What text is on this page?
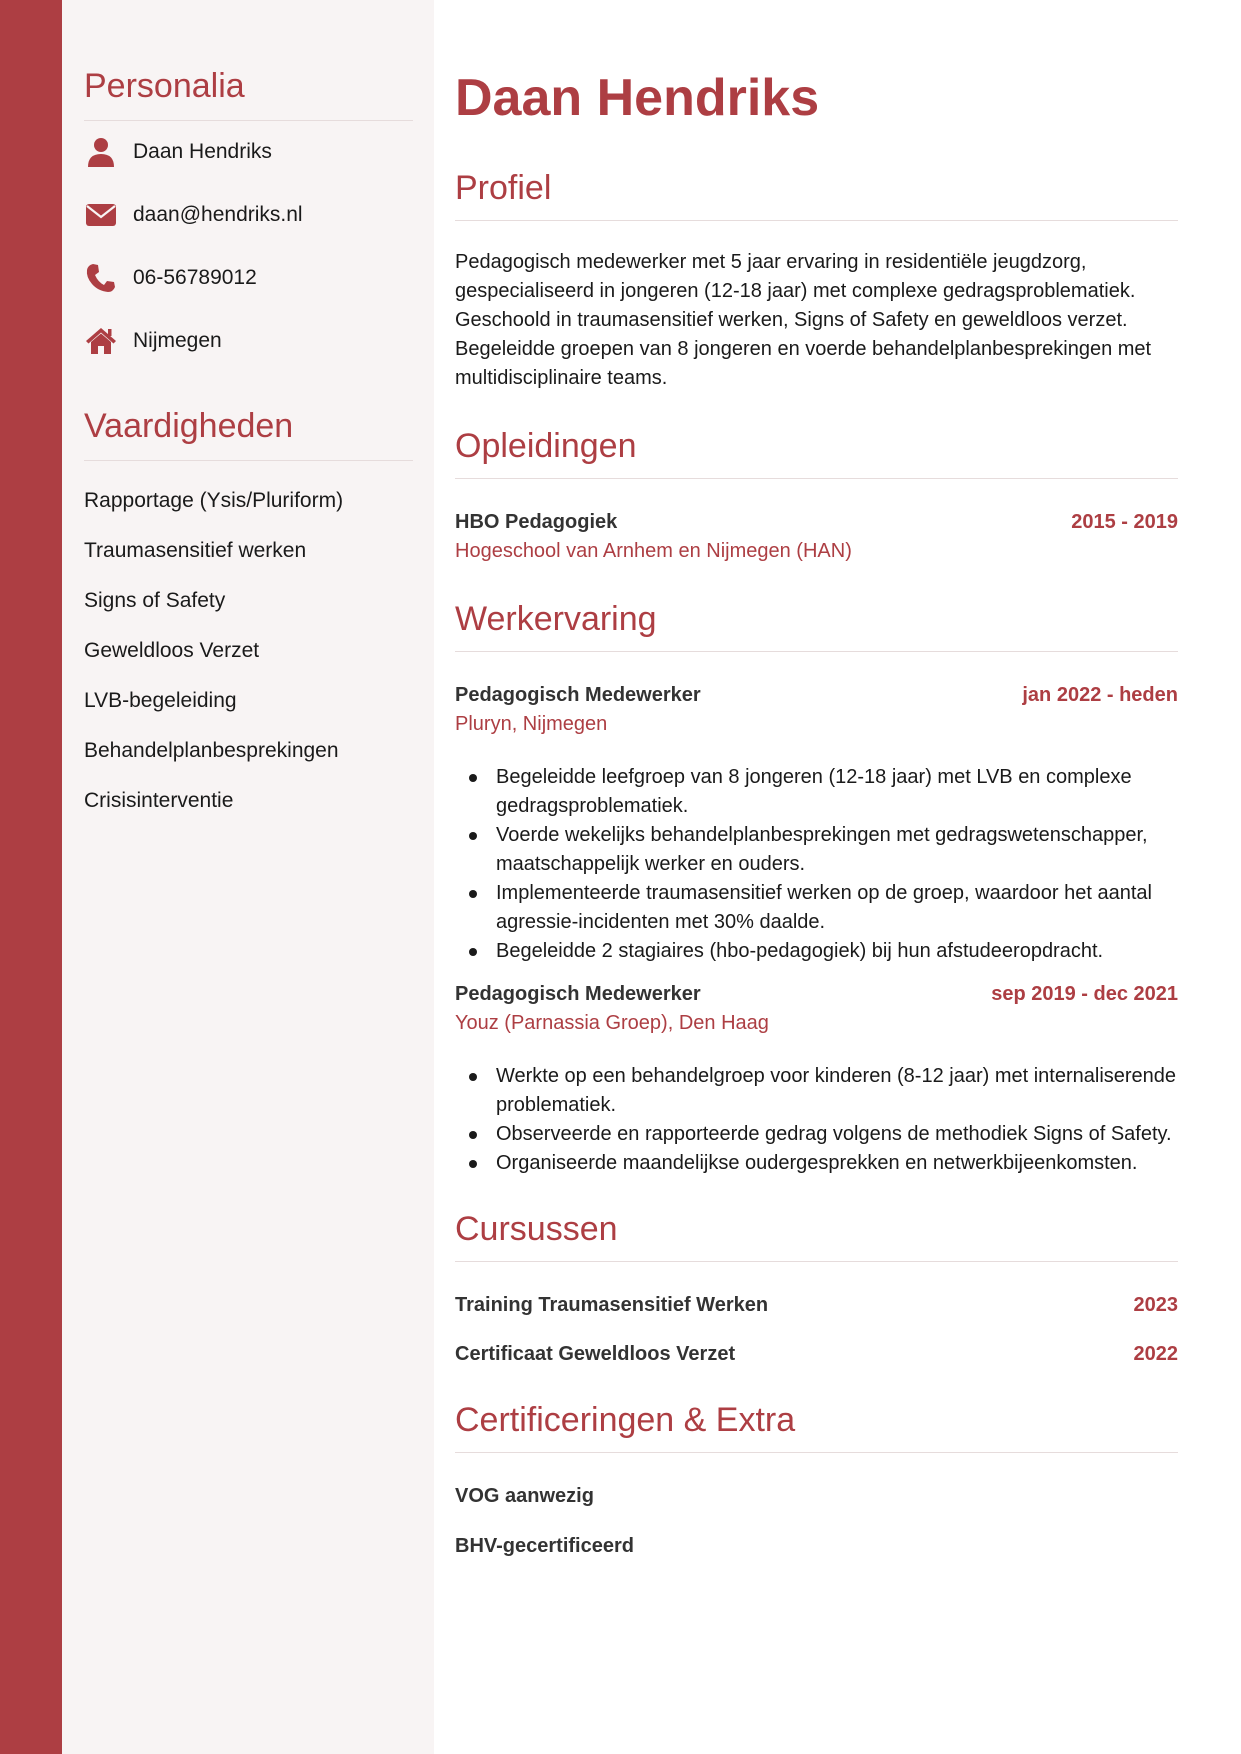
Personalia
Daan Hendriks
daan@hendriks.nl
06-56789012
Nijmegen
Vaardigheden
Rapportage (Ysis/Pluriform)
Traumasensitief werken
Signs of Safety
Geweldloos Verzet
LVB-begeleiding
Behandelplanbesprekingen
Crisisinterventie
Daan Hendriks
Profiel

Pedagogisch medewerker met 5 jaar ervaring in residentiële jeugdzorg, gespecialiseerd in jongeren (12-18 jaar) met complexe gedragsproblematiek. Geschoold in traumasensitief werken, Signs of Safety en geweldloos verzet. Begeleidde groepen van 8 jongeren en voerde behandelplanbesprekingen met multidisciplinaire teams.

Opleidingen
HBO Pedagogiek	2015 - 2019
Hogeschool van Arnhem en Nijmegen (HAN)
Werkervaring
Pedagogisch Medewerker	jan 2022 - heden
Pluryn, Nijmegen
Begeleidde leefgroep van 8 jongeren (12-18 jaar) met LVB en complexe gedragsproblematiek.
Voerde wekelijks behandelplanbesprekingen met gedragswetenschapper, maatschappelijk werker en ouders.
Implementeerde traumasensitief werken op de groep, waardoor het aantal agressie-incidenten met 30% daalde.
Begeleidde 2 stagiaires (hbo-pedagogiek) bij hun afstudeeropdracht.
Pedagogisch Medewerker	sep 2019 - dec 2021
Youz (Parnassia Groep), Den Haag
Werkte op een behandelgroep voor kinderen (8-12 jaar) met internaliserende problematiek.
Observeerde en rapporteerde gedrag volgens de methodiek Signs of Safety.
Organiseerde maandelijkse oudergesprekken en netwerkbijeenkomsten.
Cursussen
Training Traumasensitief Werken	2023
Certificaat Geweldloos Verzet	2022
Certificeringen & Extra
VOG aanwezig
BHV-gecertificeerd
